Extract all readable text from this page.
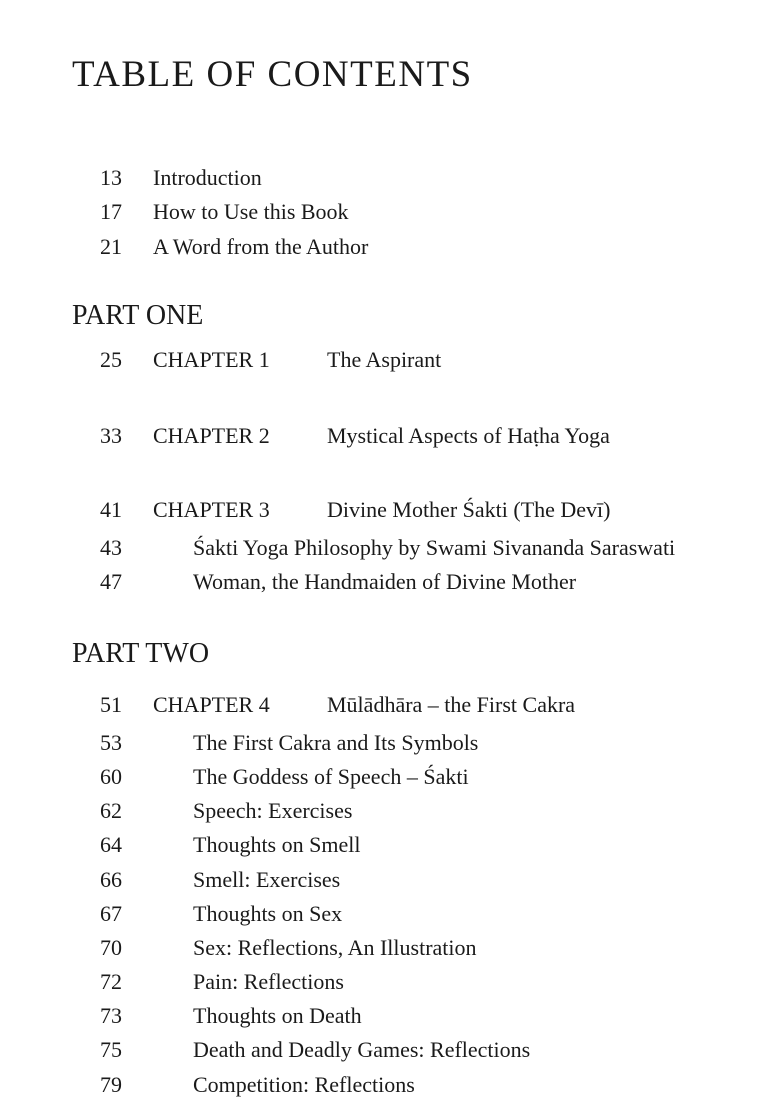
TABLE OF CONTENTS
13 Introduction
17 How to Use this Book
21 A Word from the Author
PART ONE
25 CHAPTER 1	The Aspirant
33 CHAPTER 2	Mystical Aspects of Haṭha Yoga
41 CHAPTER 3	Divine Mother Śakti (The Devī)
43	Śakti Yoga Philosophy by Swami Sivananda Saraswati
47	Woman, the Handmaiden of Divine Mother
PART TWO
51 CHAPTER 4	Mūlādhāra – the First Cakra
53	The First Cakra and Its Symbols
60	The Goddess of Speech – Śakti
62	Speech: Exercises
64	Thoughts on Smell
66	Smell: Exercises
67	Thoughts on Sex
70	Sex: Reflections, An Illustration
72	Pain: Reflections
73	Thoughts on Death
75	Death and Deadly Games: Reflections
79	Competition: Reflections
